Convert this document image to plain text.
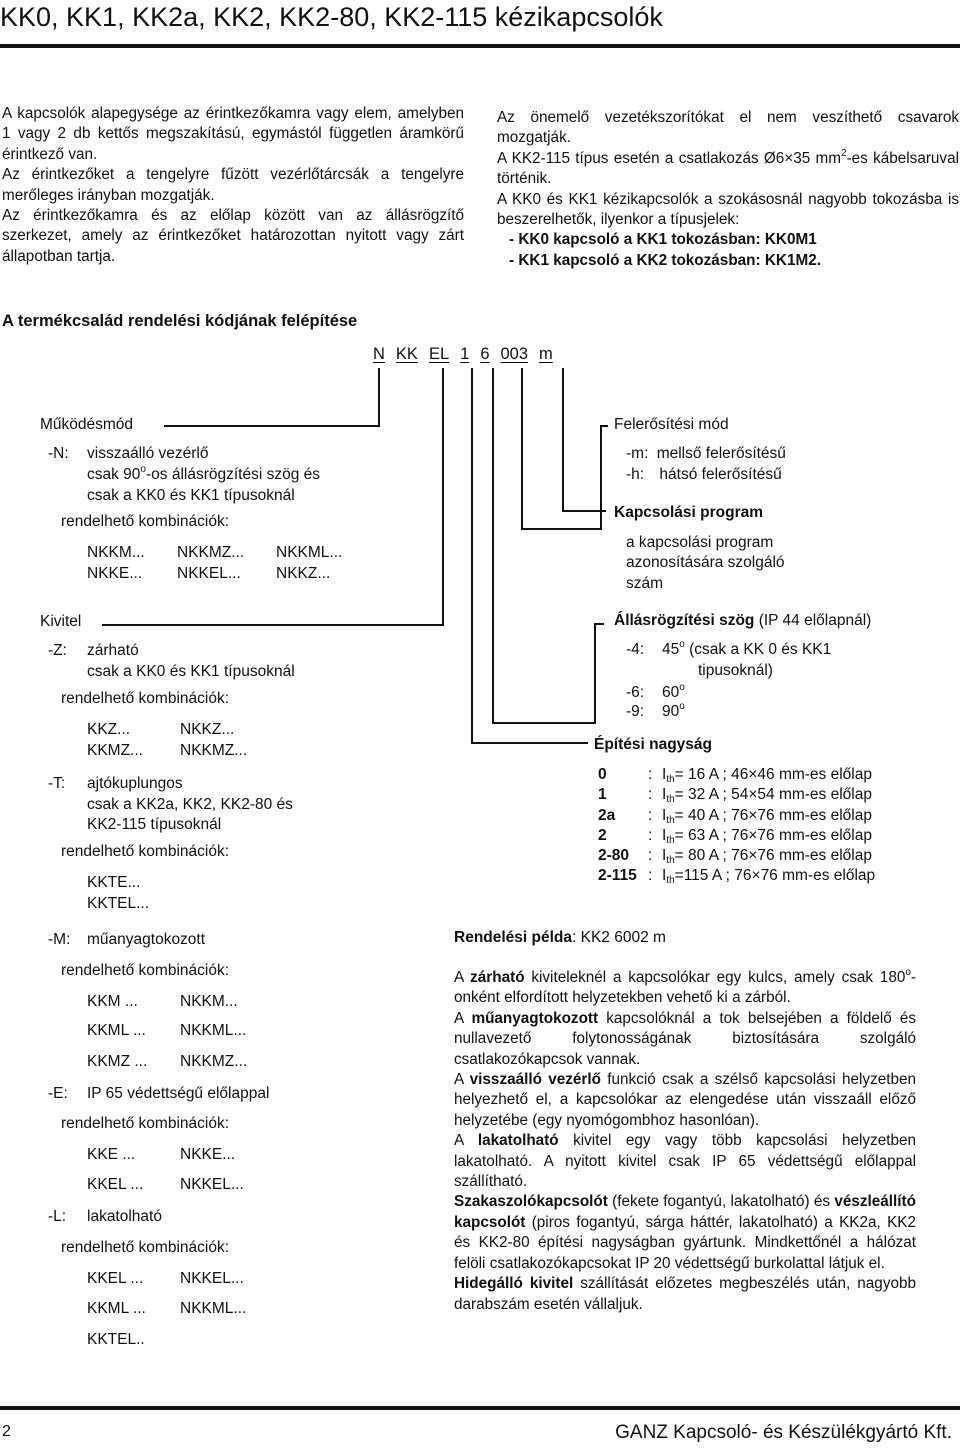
KK0, KK1, KK2a, KK2, KK2-80, KK2-115 kézikapcsolók
A kapcsolók alapegysége az érintkezőkamra vagy elem, amelyben 1 vagy 2 db kettős megszakítású, egymástól független áramkörű érintkező van.
Az érintkezőket a tengelyre fűzött vezérlőtárcsák a tengelyre merőleges irányban mozgatják.
Az érintkezőkamra és az előlap között van az állásrögzítő szerkezet, amely az érintkezőket határozottan nyitott vagy zárt állapotban tartja.
Az önemelő vezetékszorítókat el nem veszíthető csavarok mozgatják.
A KK2-115 típus esetén a csatlakozás Ø6×35 $mm^2-es$ kábelsaruval történik.
A KK0 és KK1 kézikapcsolók a szokásosnál nagyobb tokozásba is beszerelhetők, ilyenkor a típusjelek:
- KK0 kapcsoló a KK1 tokozásban: KK0M1
- KK1 kapcsoló a KK2 tokozásban: KK1M2.
A termékcsalád rendelési kódjának felépítése
N KK EL 1 6 003 m
Működésmód
-N: visszaálló vezérlő
csak 90$^o$-os állásrögzítési szög és
csak a KK0 és KK1 típusoknál
rendelhető kombinációk:
NKKM... NKKMZ... NKKML...
NKKE... NKKEL... NKKZ...
Kivitel
-Z: zárható
csak a KK0 és KK1 típusoknál
rendelhető kombinációk:
KKZ...	NKKZ...
KKMZ... NKKMZ...
-T: ajtókuplungos
csak a KK2a, KK2, KK2-80 és
KK2-115 típusoknál
rendelhető kombinációk:
KKTE...
KKTEL...
-M: műanyagtokozott
rendelhető kombinációk:
KKM ...	NKKM...
KKML ... NKKML...
KKMZ ... NKKMZ...
-E: IP 65 védettségű előlappal
rendelhető kombinációk:
KKE ...	NKKE...
KKEL ... NKKEL...
-L: lakatolható
rendelhető kombinációk:
KKEL ... NKKEL...
KKML ... NKKML...
KKTEL..
Felerősítési mód
-m: mellső felerősítésű
-h: hátsó felerősítésű
Kapcsolási program
a kapcsolási program
azonosítására szolgáló
szám
Állásrögzítési szög (IP 44 előlapnál)
-4: 45$^o$ (csak a KK 0 és KK1
tipusoknál)
-6: 60$^o$
-9: 90$^o$
Építési nagyság
0	:	$I_{th}= 16$ A ; 46×46 mm-es előlap
1	:	$I_{th}= 32$ A ; 54×54 mm-es előlap
2a	:	$I_{th}= 40$ A ; 76×76 mm-es előlap
2	:	$I_{th}= 63$ A ; 76×76 mm-es előlap
2-80	:	$I_{th}= 80$ A ; 76×76 mm-es előlap
2-115	:	$I_{th}=115$ A ; 76×76 mm-es előlap
Rendelési példa: KK2 6002 m
A zárható kiviteleknél a kapcsolókar egy kulcs, amely csak 180$^o$-onként elfordított helyzetekben vehető ki a zárból.
A műanyagtokozott kapcsolóknál a tok belsejében a földelő és nullavezető folytonosságának biztosítására szolgáló csatlakozókapcsok vannak.
A visszaálló vezérlő funkció csak a szélső kapcsolási helyzetben helyezhető el, a kapcsolókar az elengedése után visszaáll előző helyzetébe (egy nyomógombhoz hasonlóan).
A lakatolható kivitel egy vagy több kapcsolási helyzetben lakatolható. A nyitott kivitel csak IP 65 védettségű előlappal szállítható.
Szakaszolókapcsolót (fekete fogantyú, lakatolható) és vészleállító kapcsolót (piros fogantyú, sárga háttér, lakatolható) a KK2a, KK2 és KK2-80 építési nagyságban gyártunk. Mindkettőnél a hálózat felöli csatlakozókapcsokat IP 20 védettségű burkolattal látjuk el.
Hidegálló kivitel szállítását előzetes megbeszélés után, nagyobb darabszám esetén vállaljuk.
2	GANZ Kapcsoló- és Készülékgyártó Kft.
